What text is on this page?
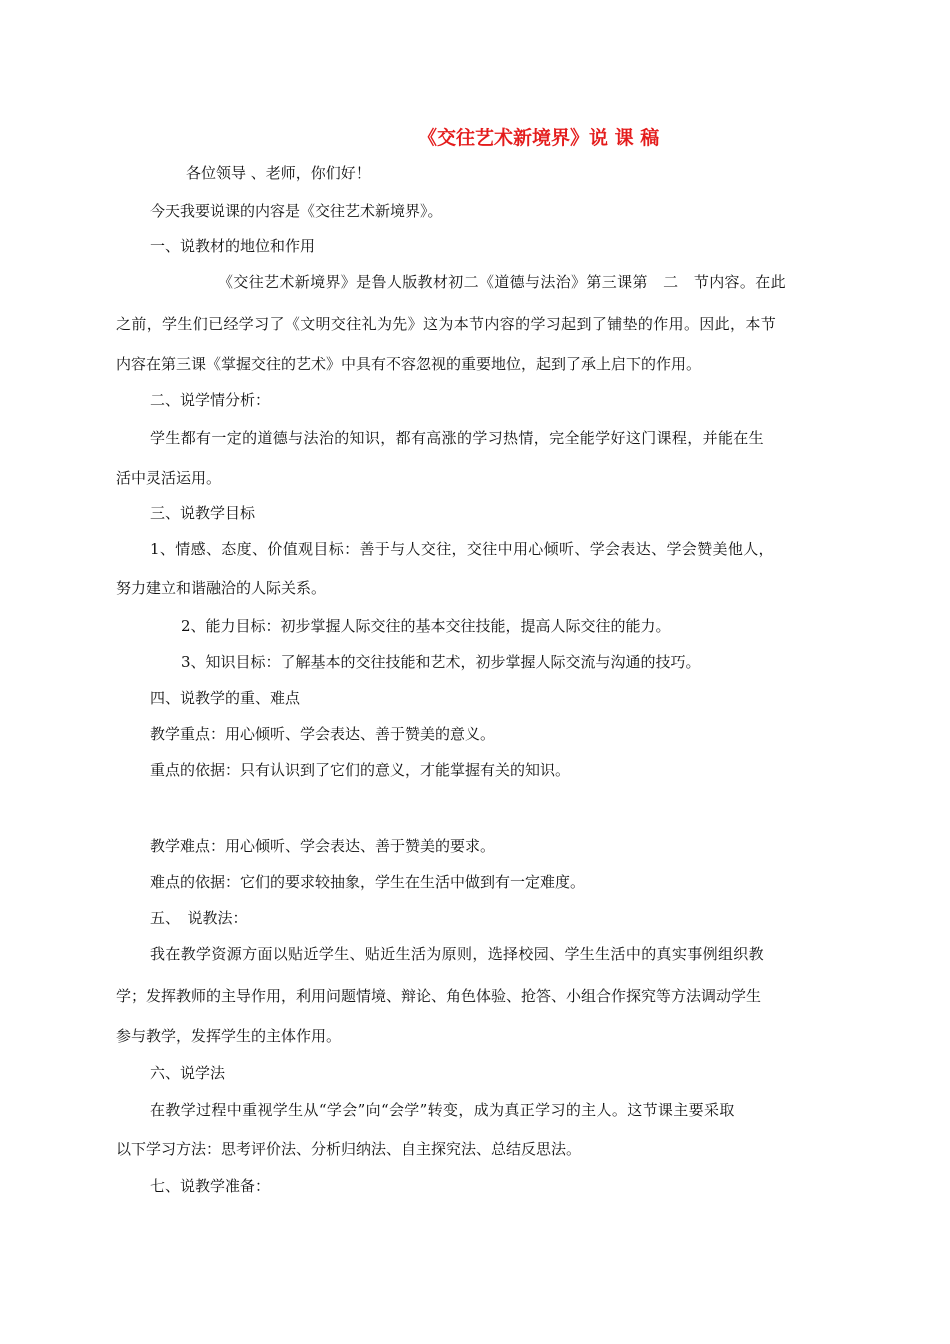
《交往艺术新境界》说 课 稿
各位领导 、老师，你们好！
今天我要说课的内容是《交往艺术新境界》。
一、说教材的地位和作用
《交往艺术新境界》是鲁人版教材初二《道德与法治》第三课第　二　节内容。在此
之前，学生们已经学习了《文明交往礼为先》这为本节内容的学习起到了铺垫的作用。因此，本节
内容在第三课《掌握交往的艺术》中具有不容忽视的重要地位，起到了承上启下的作用。
二、说学情分析：
学生都有一定的道德与法治的知识，都有高涨的学习热情，完全能学好这门课程，并能在生
活中灵活运用。
三、说教学目标
1、情感、态度、价值观目标：善于与人交往，交往中用心倾听、学会表达、学会赞美他人，
努力建立和谐融洽的人际关系。
2、能力目标：初步掌握人际交往的基本交往技能，提高人际交往的能力。
3、知识目标：了解基本的交往技能和艺术，初步掌握人际交流与沟通的技巧。
四、说教学的重、难点
教学重点：用心倾听、学会表达、善于赞美的意义。
重点的依据：只有认识到了它们的意义，才能掌握有关的知识。
教学难点：用心倾听、学会表达、善于赞美的要求。
难点的依据：它们的要求较抽象，学生在生活中做到有一定难度。
五、　说教法：
我在教学资源方面以贴近学生、贴近生活为原则，选择校园、学生生活中的真实事例组织教
学；发挥教师的主导作用，利用问题情境、辩论、角色体验、抢答、小组合作探究等方法调动学生
参与教学，发挥学生的主体作用。
六、说学法
在教学过程中重视学生从“学会”向“会学”转变，成为真正学习的主人。这节课主要采取
以下学习方法：思考评价法、分析归纳法、自主探究法、总结反思法。
七、说教学准备：
